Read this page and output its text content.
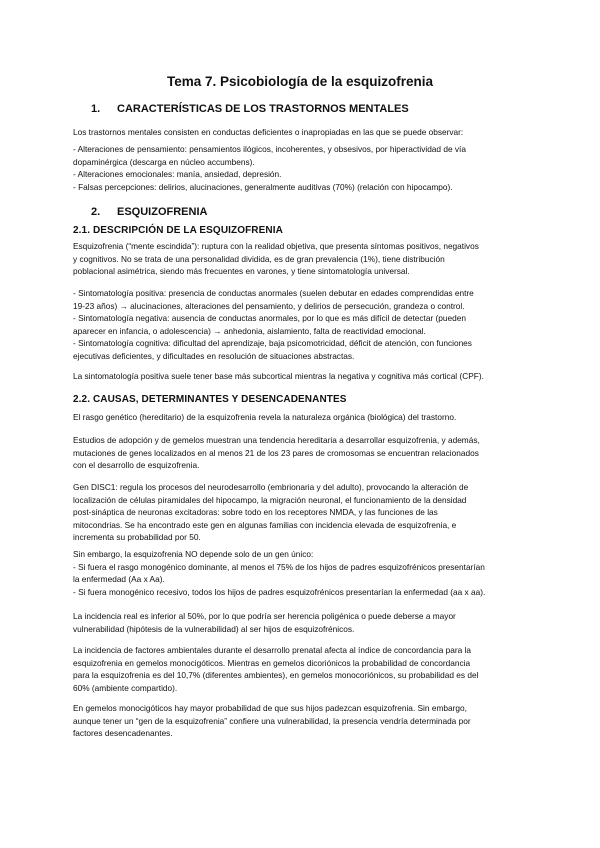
Tema 7. Psicobiología de la esquizofrenia
1. CARACTERÍSTICAS DE LOS TRASTORNOS MENTALES
Los trastornos mentales consisten en conductas deficientes o inapropiadas en las que se puede observar:
- Alteraciones de pensamiento: pensamientos ilógicos, incoherentes, y obsesivos, por hiperactividad de vía
dopaminérgica (descarga en núcleo accumbens).
- Alteraciones emocionales: manía, ansiedad, depresión.
- Falsas percepciones: delirios, alucinaciones, generalmente auditivas (70%) (relación con hipocampo).
2. ESQUIZOFRENIA
2.1. DESCRIPCIÓN DE LA ESQUIZOFRENIA
Esquizofrenia (“mente escindida”): ruptura con la realidad objetiva, que presenta síntomas positivos, negativos
y cognitivos. No se trata de una personalidad dividida, es de gran prevalencia (1%), tiene distribución
poblacional asimétrica, siendo más frecuentes en varones, y tiene sintomatología universal.
- Sintomatología positiva: presencia de conductas anormales (suelen debutar en edades comprendidas entre
19-23 años) → alucinaciones, alteraciones del pensamiento, y delirios de persecución, grandeza o control.
- Sintomatología negativa: ausencia de conductas anormales, por lo que es más difícil de detectar (pueden
aparecer en infancia, o adolescencia) → anhedonia, aislamiento, falta de reactividad emocional.
- Sintomatología cognitiva: dificultad del aprendizaje, baja psicomotricidad, déficit de atención, con funciones
ejecutivas deficientes, y dificultades en resolución de situaciones abstractas.
La sintomatología positiva suele tener base más subcortical mientras la negativa y cognitiva más cortical (CPF).
2.2. CAUSAS, DETERMINANTES Y DESENCADENANTES
El rasgo genético (hereditario) de la esquizofrenia revela la naturaleza orgánica (biológica) del trastorno.
Estudios de adopción y de gemelos muestran una tendencia hereditaria a desarrollar esquizofrenia, y además,
mutaciones de genes localizados en al menos 21 de los 23 pares de cromosomas se encuentran relacionados
con el desarrollo de esquizofrenia.
Gen DISC1: regula los procesos del neurodesarrollo (embrionaria y del adulto), provocando la alteración de
localización de células piramidales del hipocampo, la migración neuronal, el funcionamiento de la densidad
post-sináptica de neuronas excitadoras: sobre todo en los receptores NMDA, y las funciones de las
mitocondrias. Se ha encontrado este gen en algunas familias con incidencia elevada de esquizofrenia, e
incrementa su probabilidad por 50.
Sin embargo, la esquizofrenia NO depende solo de un gen único:
- Si fuera el rasgo monogénico dominante, al menos el 75% de los hijos de padres esquizofrénicos presentarían
la enfermedad (Aa x Aa).
- Si fuera monogénico recesivo, todos los hijos de padres esquizofrénicos presentarían la enfermedad (aa x aa).
La incidencia real es inferior al 50%, por lo que podría ser herencia poligénica o puede deberse a mayor
vulnerabilidad (hipótesis de la vulnerabilidad) al ser hijos de esquizofrénicos.
La incidencia de factores ambientales durante el desarrollo prenatal afecta al índice de concordancia para la
esquizofrenia en gemelos monocigóticos. Mientras en gemelos dicoriónicos la probabilidad de concordancia
para la esquizofrenia es del 10,7% (diferentes ambientes), en gemelos monocoriónicos, su probabilidad es del
60% (ambiente compartido).
En gemelos monocigóticos hay mayor probabilidad de que sus hijos padezcan esquizofrenia. Sin embargo,
aunque tener un “gen de la esquizofrenia” confiere una vulnerabilidad, la presencia vendría determinada por
factores desencadenantes.
